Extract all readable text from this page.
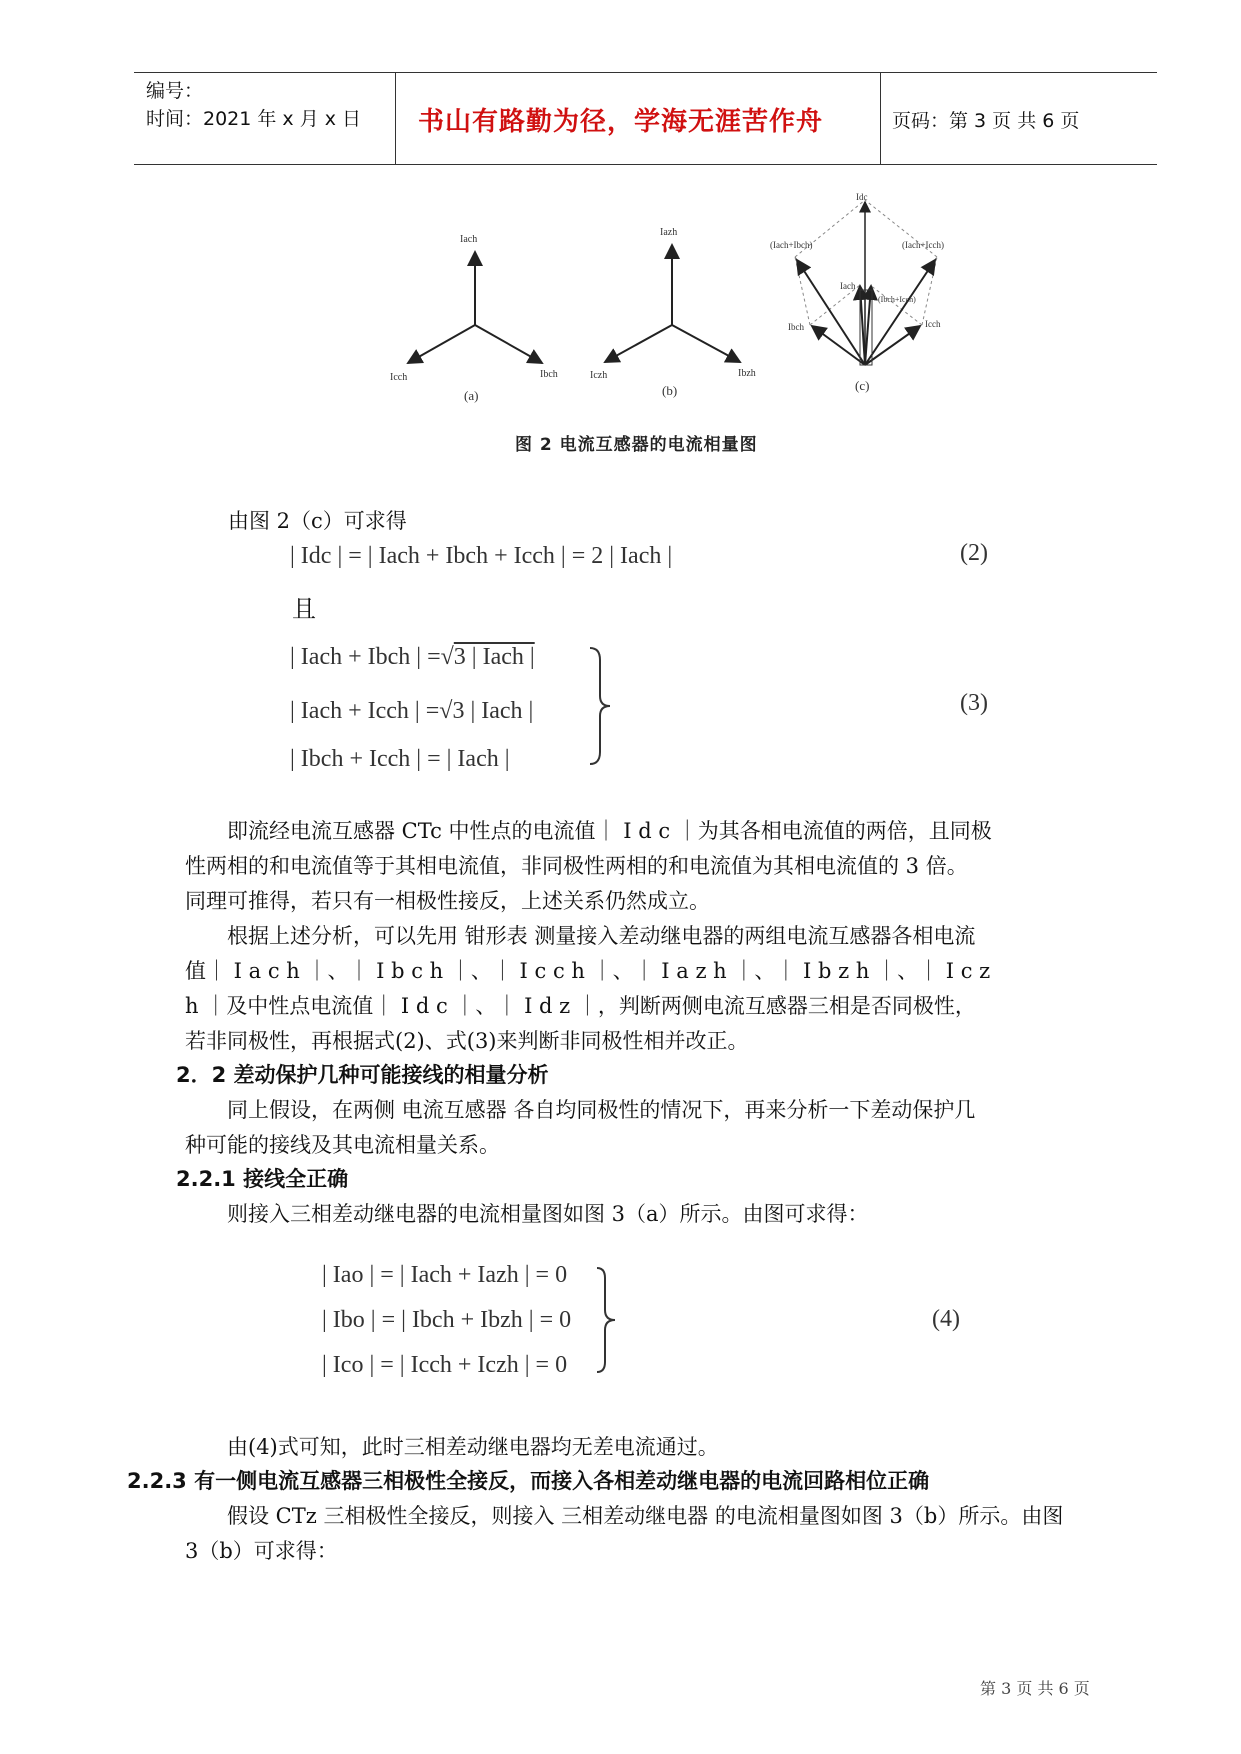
编号：
时间：2021 年 x 月 x 日 书山有路勤为径，学海无涯苦作舟	页码：第 3 页 共 6 页
Iach
Ibch
Icch
(a)
Iazh
Ibzh
Iczh
(b)
Idc
(Iach+Ibch)	(Iach+Icch)
Iach
(Ibch+Icch)
Ibch	Icch
(c)
图 2 电流互感器的电流相量图
由图 2（c）可求得
| Idc | = | Iach + Ibch + Icch | = 2 | Iach |	(2)
且
| Iach + Ibch | =√3 | Iach |
| Iach + Icch | =√3 | Iach |
| Ibch + Icch | = | Iach |
(3)
即流经电流互感器 CTc 中性点的电流值｜ I d c ｜为其各相电流值的两倍，且同极
性两相的和电流值等于其相电流值，非同极性两相的和电流值为其相电流值的 3 倍。
同理可推得，若只有一相极性接反，上述关系仍然成立。
根据上述分析，可以先用 钳形表 测量接入差动继电器的两组电流互感器各相电流
值｜ I a c h ｜、｜ I b c h ｜、｜ I c c h ｜、｜ I a z h ｜、｜ I b z h ｜、｜ I c z
h ｜及中性点电流值｜ I d c ｜、｜ I d z ｜，判断两侧电流互感器三相是否同极性，
若非同极性，再根据式(2)、式(3)来判断非同极性相并改正。
2．2 差动保护几种可能接线的相量分析
同上假设，在两侧 电流互感器 各自均同极性的情况下，再来分析一下差动保护几
种可能的接线及其电流相量关系。
2.2.1 接线全正确
则接入三相差动继电器的电流相量图如图 3（a）所示。由图可求得：
| Iao | = | Iach + Iazh | = 0
| Ibo | = | Ibch + Ibzh | = 0
| Ico | = | Icch + Iczh | = 0
(4)
由(4)式可知，此时三相差动继电器均无差电流通过。
2.2.3 有一侧电流互感器三相极性全接反，而接入各相差动继电器的电流回路相位正确
假设 CTz 三相极性全接反，则接入 三相差动继电器 的电流相量图如图 3（b）所示。由图
3（b）可求得：
第 3 页 共 6 页
